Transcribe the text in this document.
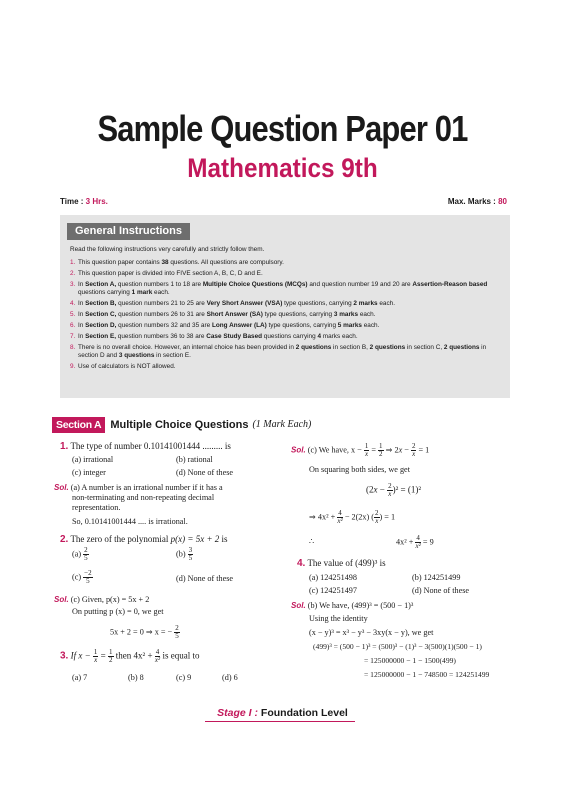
Sample Question Paper 01
Mathematics 9th
Time : 3 Hrs.	Max. Marks : 80
General Instructions
Read the following instructions very carefully and strictly follow them.
1. This question paper contains 38 questions. All questions are compulsory.
2. This question paper is divided into FIVE section A, B, C, D and E.
3. In Section A, question numbers 1 to 18 are Multiple Choice Questions (MCQs) and question number 19 and 20 are Assertion-Reason based questions carrying 1 mark each.
4. In Section B, question numbers 21 to 25 are Very Short Answer (VSA) type questions, carrying 2 marks each.
5. In Section C, question numbers 26 to 31 are Short Answer (SA) type questions, carrying 3 marks each.
6. In Section D, question numbers 32 and 35 are Long Answer (LA) type questions, carrying 5 marks each.
7. In Section E, question numbers 36 to 38 are Case Study Based questions carrying 4 marks each.
8. There is no overall choice. However, an internal choice has been provided in 2 questions in section B, 2 questions in section C, 2 questions in section D and 3 questions in section E.
9. Use of calculators is NOT allowed.
Section A Multiple Choice Questions (1 Mark Each)
1. The type of number 0.10141001444 ......... is
(a) irrational	(b) rational
(c) integer	(d) None of these
Sol. (a) A number is an irrational number if it has a
non-terminating and non-repeating decimal
representation.
So, 0.10141001444 .... is irrational.
2. The zero of the polynomial p(x) = 5x + 2 is
$(a) \frac{2}{5}$	$(b) \frac{3}{5}$
$(c) \frac{-2}{5}$	(d) None of these
Sol. (c) Given, p(x) = 5x + 2
On putting p (x) = 0, we get
5x + 2 = 0 ⇒ x = − $\frac{2}{5}$
3. If $x - \frac{1}{x} = \frac{1}{2}$ then $4x^2 + \frac{4}{\text{x²}}$ is equal to
(a) 7	(b) 8	(c) 9	(d) 6
Sol. (c) We have, $x - \frac{1}{x} = \frac{1}{2}$ ⇒ $2x - \frac{2}{x} = 1$
On squaring both sides, we get
$(2x - \frac{2}{x} )^2 = (1)^2$
⇒ $4x^2 + \frac{4}{\text{x²}} - 2(2x)$ ( $\frac{2}{x}$ ) = 1
∴	$4x^2 + \frac{4}{\text{x²}} = 9$
4. The value of (499)³ is
(a) 124251498	(b) 124251499
(c) 124251497	(d) None of these
Sol. (b) We have, (499)³ = (500 − 1)³
Using the identity
(x − y)³ = x³ − y³ − 3xy(x − y), we get
(499)³ = (500 − 1)³ = (500)³ − (1)³ − 3(500)(1)(500 − 1)
= 125000000 − 1 − 1500(499)
= 125000000 − 1 − 748500 = 124251499
Stage I : Foundation Level
